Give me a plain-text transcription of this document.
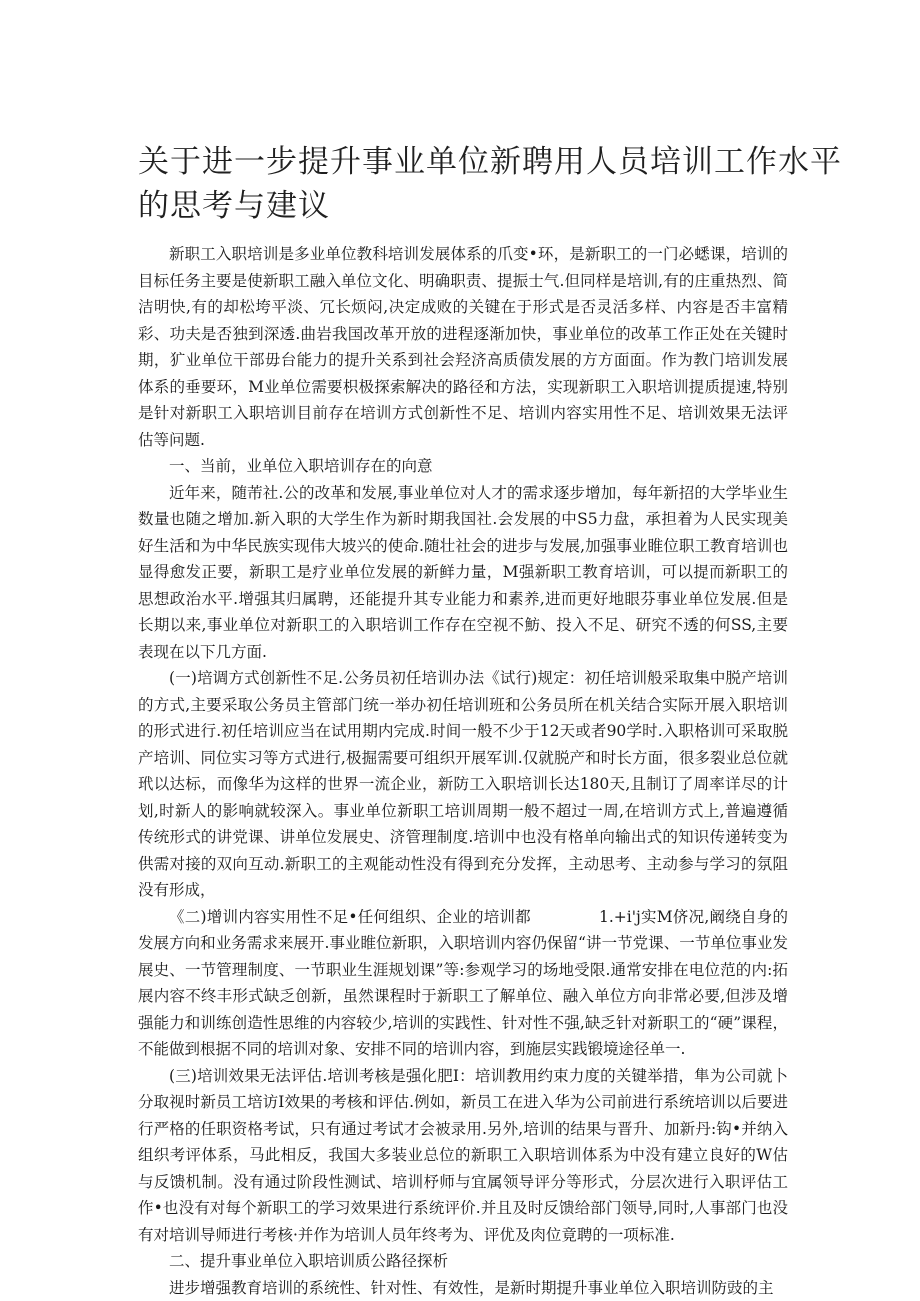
关于进一步提升事业单位新聘用人员培训工作水平
的思考与建议

新职工入职培训是多业单位教科培训发展体系的爪变•环，是新职工的一门必蟋课，培训的目标任务主要是使新职工融入单位文化、明确职责、提振士气.但同样是培训,有的庄重热烈、简洁明快,有的却松垮平淡、冗长烦闷,决定成败的关键在于形式是否灵活多样、内容是否丰富精彩、功夫是否独到深透.曲岩我国改革开放的进程逐渐加快，事业单位的改革工作正处在关键时期，犷业单位干部毋台能力的提升关系到社会羟济高质债发展的方方面面。作为教门培训发展体系的垂要环，M业单位需要枳极探索解决的路径和方法，实现新职工入职培训提质提速,特别是针对新职工入职培训目前存在培训方式创新性不足、培训内容实用性不足、培训效果无法评估等问题.

一、当前，业单位入职培训存在的向意

近年来，随芾社.公的改革和发展,事业单位对人才的需求逐步增加，每年新招的大学毕业生数量也随之增加.新入职的大学生作为新时期我国社.会发展的中S5力盘，承担着为人民实现美好生活和为中华民族实现伟大坡兴的使命.随壮社会的进步与发展,加强事业睢位职工教育培训也显得愈发正要，新职工是疗业单位发展的新鲜力量，M强新职工教育培训，可以提而新职工的思想政治水平.增强其归属聘，还能提升其专业能力和素养,进而更好地眼芬事业单位发展.但是长期以来,事业单位对新职工的入职培训工作存在空视不魴、投入不足、研究不透的何SS,主要表现在以下几方面.

(一)培调方式创新性不足.公务员初任培训办法《试行)规定：初任培训般采取集中脱产培训的方式,主要采取公务员主管部门统一举办初任培训班和公务员所在机关结合实际开展入职培训的形式进行.初任培训应当在试用期内完成.时间一般不少于12天或者90学时.入职格训可采取脱产培训、同位实习等方式进行,极掘需要可组织开展军训.仅就脱产和时长方面，很多裂业总位就玳以达标，而像华为这样的世界一流企业，新防工入职培训长达180天,且制订了周率详尽的计划,时新人的影响就较深入。事业单位新职工培训周期一般不超过一周,在培训方式上,普遍遵循传统形式的讲党课、讲单位发展史、济管理制度.培训中也没有格单向输出式的知识传递转变为供需对接的双向互动.新职工的主观能动性没有得到充分发挥，主动思考、主动参与学习的氛阻没有形成，

《二)增训内容实用性不足•任何组织、企业的培训都　　　　 1.+i'j实M侪况,阚绕自身的发展方向和业务需求来展开.事业睢位新职，入职培训内容仍保留“讲一节党课、一节单位事业发展史、一节管理制度、一节职业生涯规划课”等:参观学习的场地受限.通常安排在电位范的内:拓展内容不终丰形式缺乏创新，虽然课程时于新职工了解单位、融入单位方向非常必要,但涉及增强能力和训练创造性思维的内容较少,培训的实践性、针对性不强,缺乏针对新职工的“硬”课程，不能做到根据不同的培训对象、安排不同的培训内容，到施层实践锻境途径单一.

(三)培训效果无法评估.培训考核是强化肥I：培训教用约束力度的关键举措，隼为公司就卜分取视时新员工培访I效果的考核和评估.例如，新员工在进入华为公司前进行系统培训以后要进行严格的任职资格考试，只有通过考试才会被录用.另外,培训的结果与晋升、加新丹:钩•并纳入组织考评体系，马此相反，我国大多装业总位的新职工入职培训体系为中没有建立良好的W估与反馈机制。没有通过阶段性测试、培训杼师与宜属领导评分等形式，分层次进行入职评估工作•也没有对每个新职工的学习效果进行系统评价.并且及时反馈给部门领导,同时,人事部门也没有对培训导师进行考核·并作为培训人员年终考为、评优及肉位竟聘的一项标准.

二、提升事业单位入职培训质公路径探析

进步增强教育培训的系统性、针对性、有效性，是新时期提升事业单位入职培训防豉的主
